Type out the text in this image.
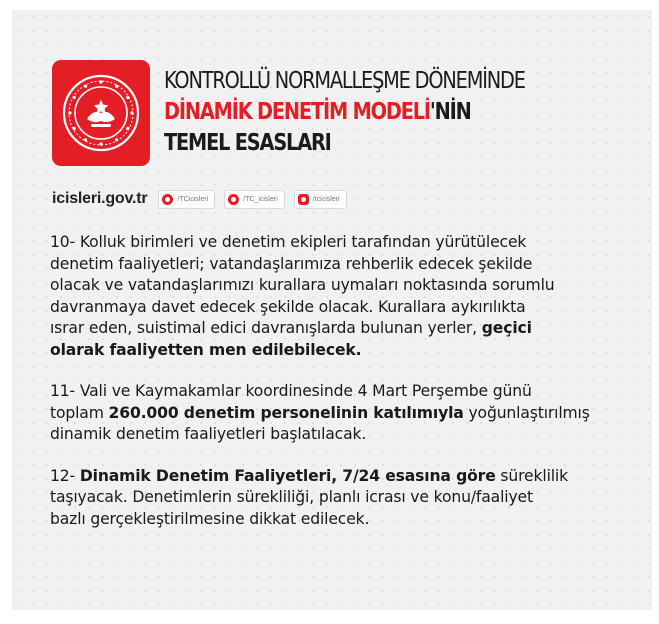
KONTROLLÜ NORMALLEŞME DÖNEMİNDE
DİNAMİK DENETİM MODELİ'NİN
TEMEL ESASLARI
icisleri.gov.tr	/TCicisleri	/TC_icisleri	/tcicisleri

10- Kolluk birimleri ve denetim ekipleri tarafından yürütülecek

denetim faaliyetleri; vatandaşlarımıza rehberlik edecek şekilde

olacak ve vatandaşlarımızı kurallara uymaları noktasında sorumlu

davranmaya davet edecek şekilde olacak. Kurallara aykırılıkta

ısrar eden, suistimal edici davranışlarda bulunan yerler, geçici

olarak faaliyetten men edilebilecek.

11- Vali ve Kaymakamlar koordinesinde 4 Mart Perşembe günü

toplam 260.000 denetim personelinin katılımıyla yoğunlaştırılmış

dinamik denetim faaliyetleri başlatılacak.

12- Dinamik Denetim Faaliyetleri, 7/24 esasına göre süreklilik

taşıyacak. Denetimlerin sürekliliği, planlı icrası ve konu/faaliyet

bazlı gerçekleştirilmesine dikkat edilecek.
